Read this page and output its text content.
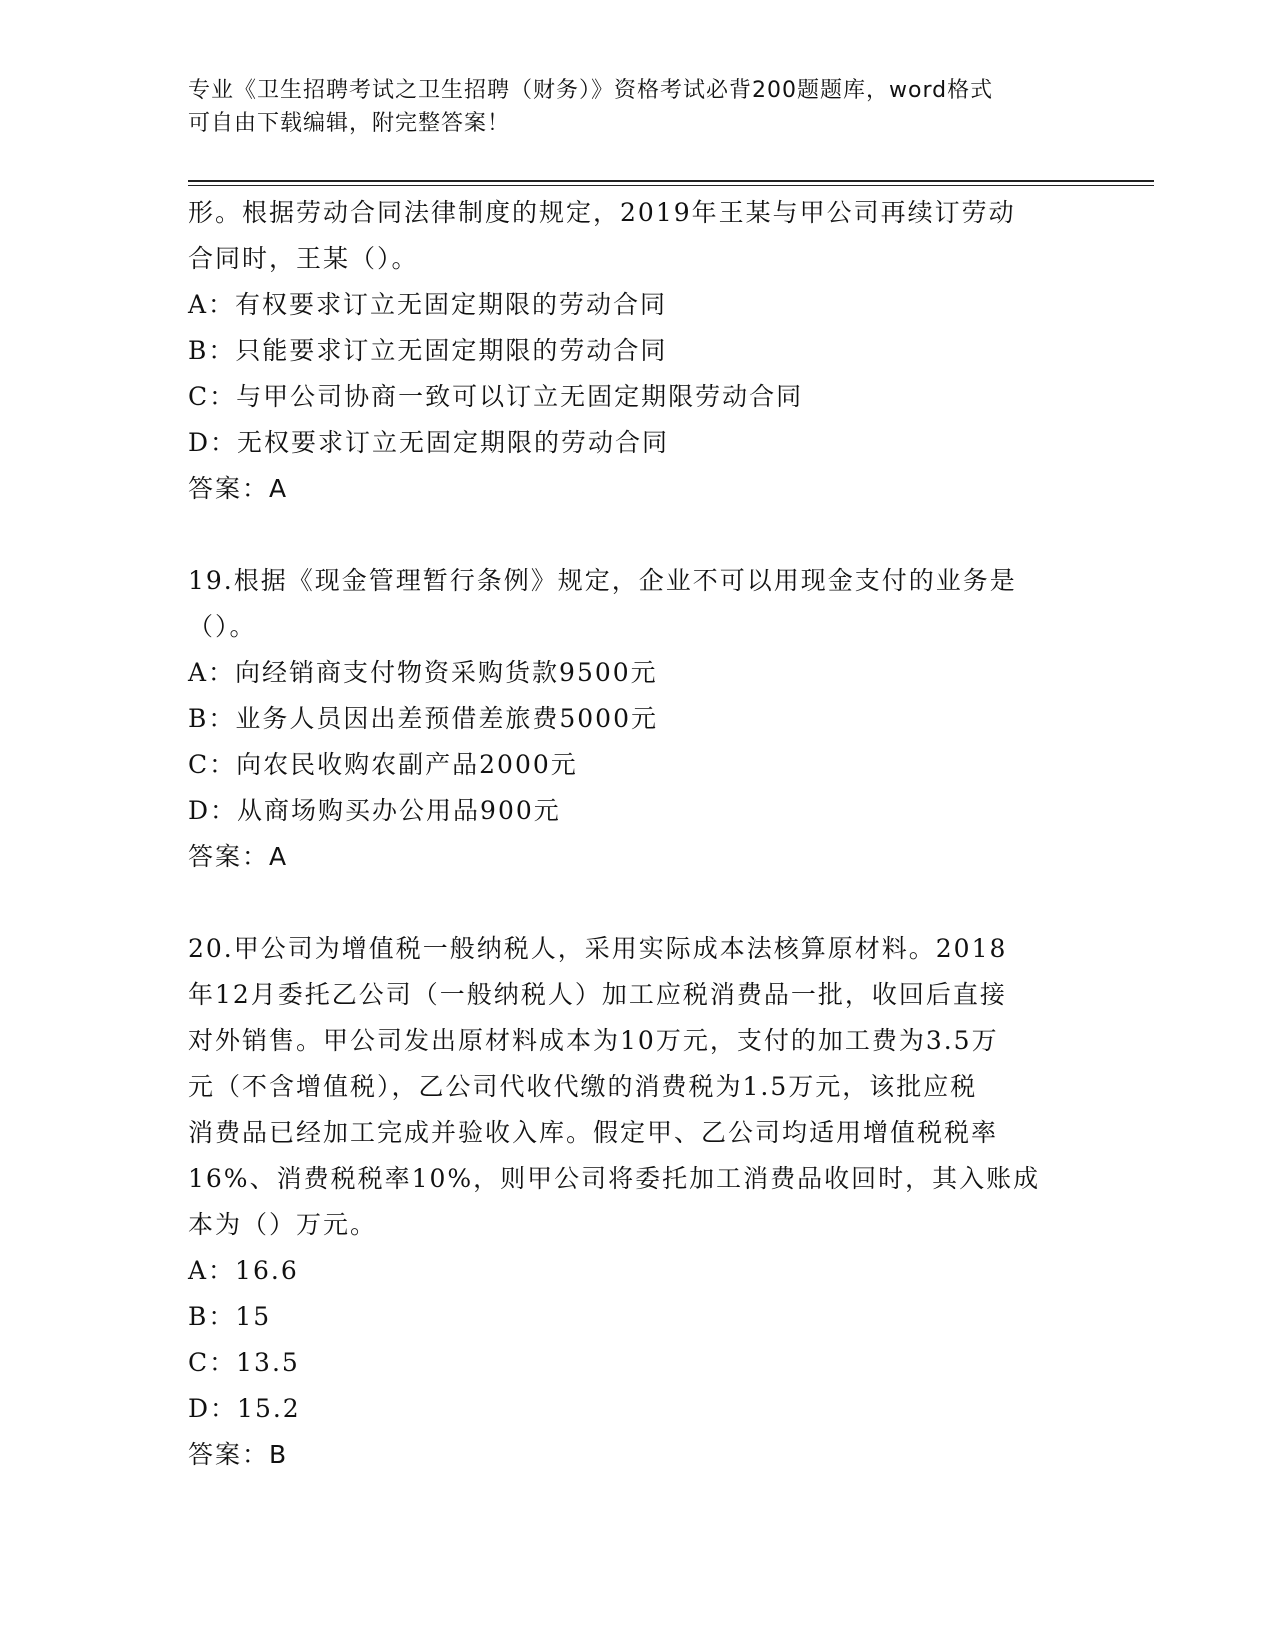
专业《卫生招聘考试之卫生招聘（财务）》资格考试必背200题题库，word格式
可自由下载编辑，附完整答案！

形。根据劳动合同法律制度的规定，2019年王某与甲公司再续订劳动

合同时，王某（）。

A：有权要求订立无固定期限的劳动合同

B：只能要求订立无固定期限的劳动合同

C：与甲公司协商一致可以订立无固定期限劳动合同

D：无权要求订立无固定期限的劳动合同

答案：A

19.根据《现金管理暂行条例》规定，企业不可以用现金支付的业务是

（）。

A：向经销商支付物资采购货款9500元

B：业务人员因出差预借差旅费5000元

C：向农民收购农副产品2000元

D：从商场购买办公用品900元

答案：A

20.甲公司为增值税一般纳税人，采用实际成本法核算原材料。2018

年12月委托乙公司（一般纳税人）加工应税消费品一批，收回后直接

对外销售。甲公司发出原材料成本为10万元，支付的加工费为3.5万

元（不含增值税），乙公司代收代缴的消费税为1.5万元，该批应税

消费品已经加工完成并验收入库。假定甲、乙公司均适用增值税税率

16%、消费税税率10%，则甲公司将委托加工消费品收回时，其入账成

本为（）万元。

A：16.6

B：15

C：13.5

D：15.2

答案：B
